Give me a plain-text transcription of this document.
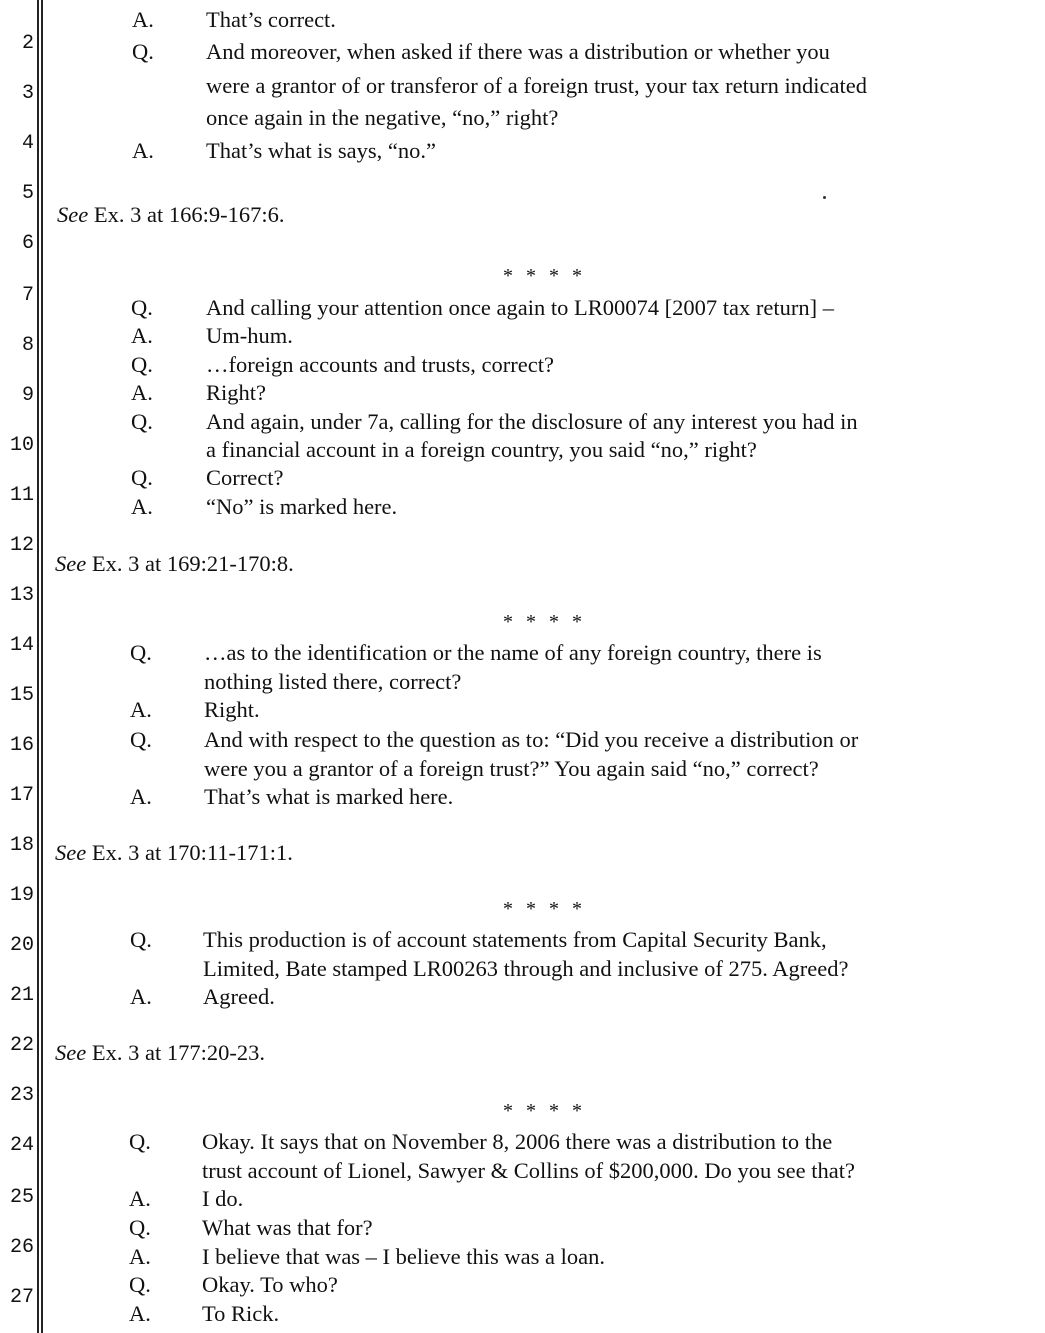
2
3
4
5
6
7
8
9
10
11
12
13
14
15
16
17
18
19
20
21
22
23
24
25
26
27
A. That’s correct.
Q. And moreover, when asked if there was a distribution or whether you
were a grantor of or transferor of a foreign trust, your tax return indicated
once again in the negative, “no,” right?
A. That’s what is says, “no.”
See Ex. 3 at 166:9-167:6.
* * * *
Q. And calling your attention once again to LR00074 [2007 tax return] –
A. Um-hum.
Q. …foreign accounts and trusts, correct?
A. Right?
Q. And again, under 7a, calling for the disclosure of any interest you had in
a financial account in a foreign country, you said “no,” right?
Q. Correct?
A. “No” is marked here.
See Ex. 3 at 169:21-170:8.
* * * *
Q. …as to the identification or the name of any foreign country, there is
nothing listed there, correct?
A. Right.
Q. And with respect to the question as to: “Did you receive a distribution or
were you a grantor of a foreign trust?” You again said “no,” correct?
A. That’s what is marked here.
See Ex. 3 at 170:11-171:1.
* * * *
Q. This production is of account statements from Capital Security Bank,
Limited, Bate stamped LR00263 through and inclusive of 275. Agreed?
A. Agreed.
See Ex. 3 at 177:20-23.
* * * *
Q. Okay. It says that on November 8, 2006 there was a distribution to the
trust account of Lionel, Sawyer & Collins of $200,000. Do you see that?
A. I do.
Q. What was that for?
A. I believe that was – I believe this was a loan.
Q. Okay. To who?
A. To Rick.
